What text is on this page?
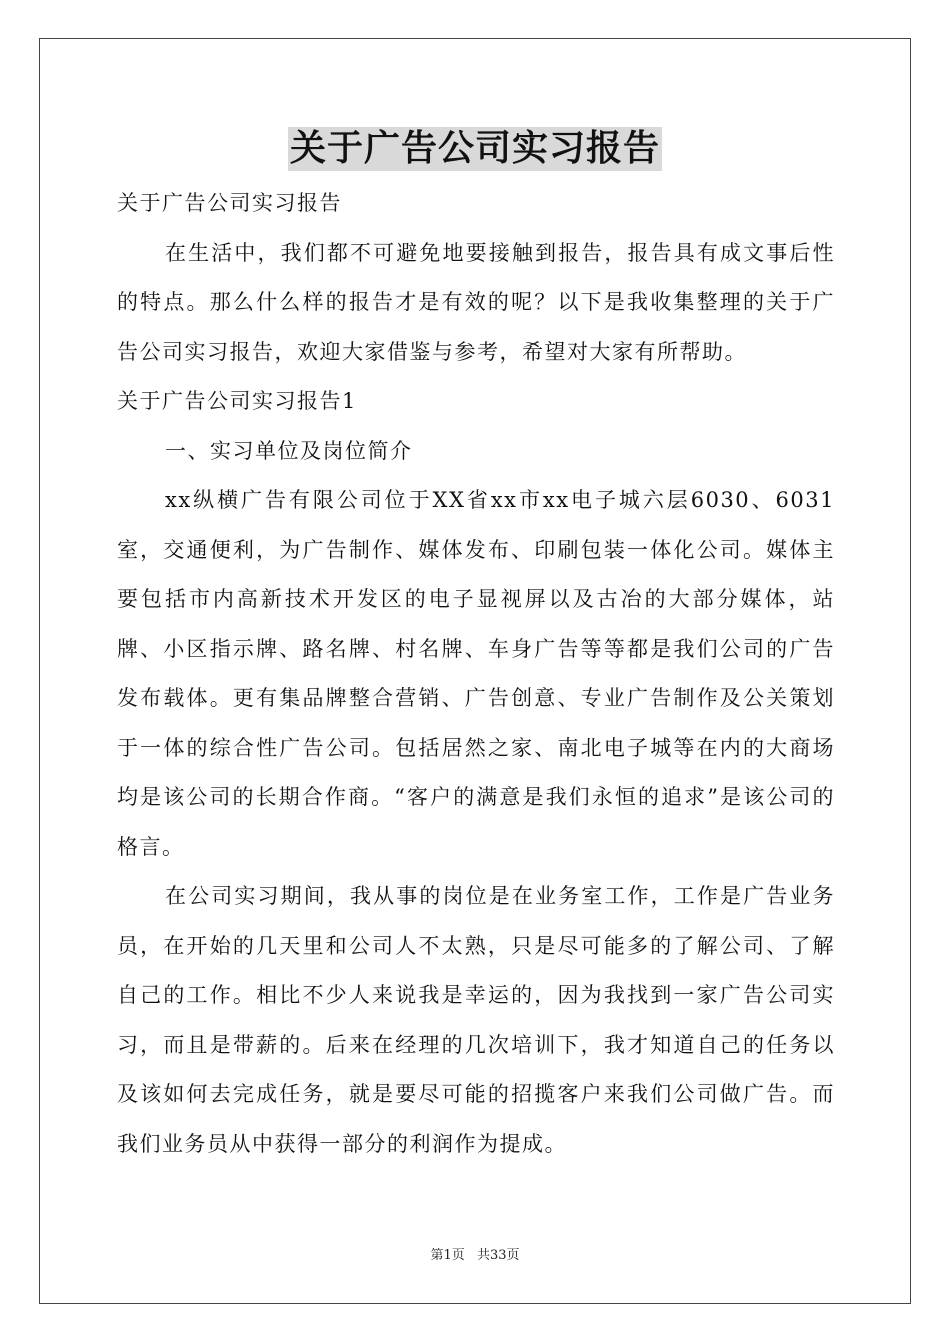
关于广告公司实习报告

关于广告公司实习报告

在生活中，我们都不可避免地要接触到报告，报告具有成文事后性的特点。那么什么样的报告才是有效的呢？以下是我收集整理的关于广告公司实习报告，欢迎大家借鉴与参考，希望对大家有所帮助。

关于广告公司实习报告1

一、实习单位及岗位简介

xx纵横广告有限公司位于XX省xx市xx电子城六层6030、6031室，交通便利，为广告制作、媒体发布、印刷包装一体化公司。媒体主要包括市内高新技术开发区的电子显视屏以及古冶的大部分媒体，站牌、小区指示牌、路名牌、村名牌、车身广告等等都是我们公司的广告发布载体。更有集品牌整合营销、广告创意、专业广告制作及公关策划于一体的综合性广告公司。包括居然之家、南北电子城等在内的大商场均是该公司的长期合作商。“客户的满意是我们永恒的追求”是该公司的格言。

在公司实习期间，我从事的岗位是在业务室工作，工作是广告业务员，在开始的几天里和公司人不太熟，只是尽可能多的了解公司、了解自己的工作。相比不少人来说我是幸运的，因为我找到一家广告公司实习，而且是带薪的。后来在经理的几次培训下，我才知道自己的任务以及该如何去完成任务，就是要尽可能的招揽客户来我们公司做广告。而我们业务员从中获得一部分的利润作为提成。

第1页 共33页
